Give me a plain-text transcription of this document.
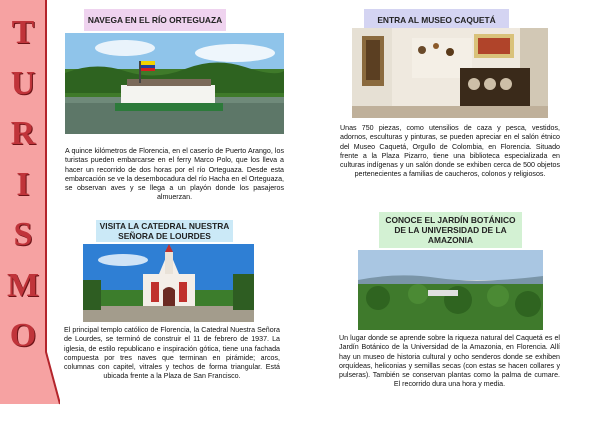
T
U
R
I
S
M
O
NAVEGA EN EL RÍO ORTEGUAZA
A quince kilómetros de Florencia, en el caserío de Puerto Arango, los turistas pueden embarcarse en el ferry Marco Polo, que los lleva a hacer un recorrido de dos horas por el río Orteguaza. Desde esta embarcación se ve la desembocadura del río Hacha en el Orteguaza, se observan aves y se llega a un playón donde los pasajeros almuerzan.
ENTRA AL MUSEO CAQUETÁ
Unas 750 piezas, como utensilios de caza y pesca, vestidos, adornos, esculturas y pinturas, se pueden apreciar en el salón étnico del Museo Caquetá, Orgullo de Colombia, en Florencia. Situado frente a la Plaza Pizarro, tiene una biblioteca especializada en culturas indígenas y un salón donde se exhiben cerca de 500 objetos pertenecientes a familias de caucheros, colonos y religiosos.
VISITA LA CATEDRAL NUESTRA SEÑORA DE LOURDES
El principal templo católico de Florencia, la Catedral Nuestra Señora de Lourdes, se terminó de construir el 11 de febrero de 1937. La iglesia, de estilo republicano e inspiración gótica, tiene una fachada compuesta por tres naves que terminan en pirámide; arcos, columnas con capitel, vitrales y techos de forma triangular. Está ubicada frente a la Plaza de San Francisco.
CONOCE EL JARDÍN BOTÁNICO DE LA UNIVERSIDAD DE LA AMAZONIA
Un lugar donde se aprende sobre la riqueza natural del Caquetá es el Jardín Botánico de la Universidad de la Amazonia, en Florencia. Allí hay un museo de historia cultural y ocho senderos donde se exhiben orquídeas, heliconias y semillas secas (con estas se hacen collares y pulseras). También se conservan plantas como la palma de cumare. El recorrido dura una hora y media.
